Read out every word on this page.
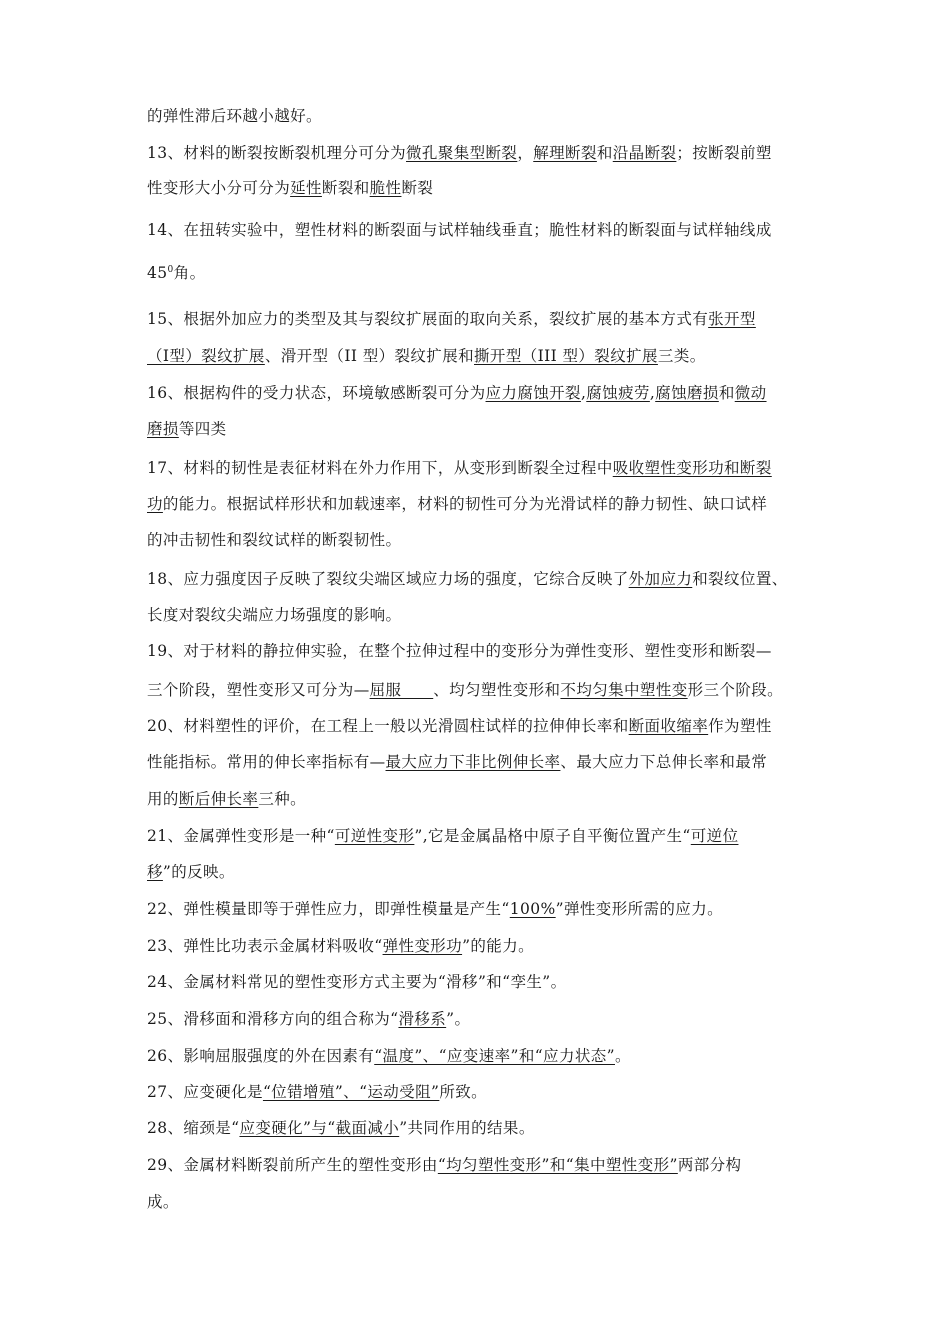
的弹性滞后环越小越好。
13、材料的断裂按断裂机理分可分为微孔聚集型断裂，解理断裂和沿晶断裂；按断裂前塑
性变形大小分可分为延性断裂和脆性断裂
14、在扭转实验中，塑性材料的断裂面与试样轴线垂直；脆性材料的断裂面与试样轴线成
$45^0$角。
15、根据外加应力的类型及其与裂纹扩展面的取向关系，裂纹扩展的基本方式有张开型
（Ⅰ型）裂纹扩展、滑开型（II 型）裂纹扩展和撕开型（III 型）裂纹扩展三类。
16、根据构件的受力状态，环境敏感断裂可分为应力腐蚀开裂,腐蚀疲劳,腐蚀磨损和微动
磨损等四类
17、材料的韧性是表征材料在外力作用下，从变形到断裂全过程中吸收塑性变形功和断裂
功的能力。根据试样形状和加载速率，材料的韧性可分为光滑试样的静力韧性、缺口试样
的冲击韧性和裂纹试样的断裂韧性。
18、应力强度因子反映了裂纹尖端区域应力场的强度，它综合反映了外加应力和裂纹位置、
长度对裂纹尖端应力场强度的影响。
19、对于材料的静拉伸实验，在整个拉伸过程中的变形分为弹性变形、塑性变形和断裂—
三个阶段，塑性变形又可分为—屈服　　、均匀塑性变形和不均匀集中塑性变形三个阶段。
20、材料塑性的评价，在工程上一般以光滑圆柱试样的拉伸伸长率和断面收缩率作为塑性
性能指标。常用的伸长率指标有—最大应力下非比例伸长率、最大应力下总伸长率和最常
用的断后伸长率三种。
21、金属弹性变形是一种“可逆性变形”,它是金属晶格中原子自平衡位置产生“可逆位
移”的反映。
22、弹性模量即等于弹性应力，即弹性模量是产生“100%”弹性变形所需的应力。
23、弹性比功表示金属材料吸收“弹性变形功”的能力。
24、金属材料常见的塑性变形方式主要为“滑移”和“孪生”。
25、滑移面和滑移方向的组合称为“滑移系”。
26、影响屈服强度的外在因素有“温度”、“应变速率”和“应力状态”。
27、应变硬化是“位错增殖”、“运动受阻”所致。
28、缩颈是“应变硬化”与“截面减小”共同作用的结果。
29、金属材料断裂前所产生的塑性变形由“均匀塑性变形”和“集中塑性变形”两部分构
成。
